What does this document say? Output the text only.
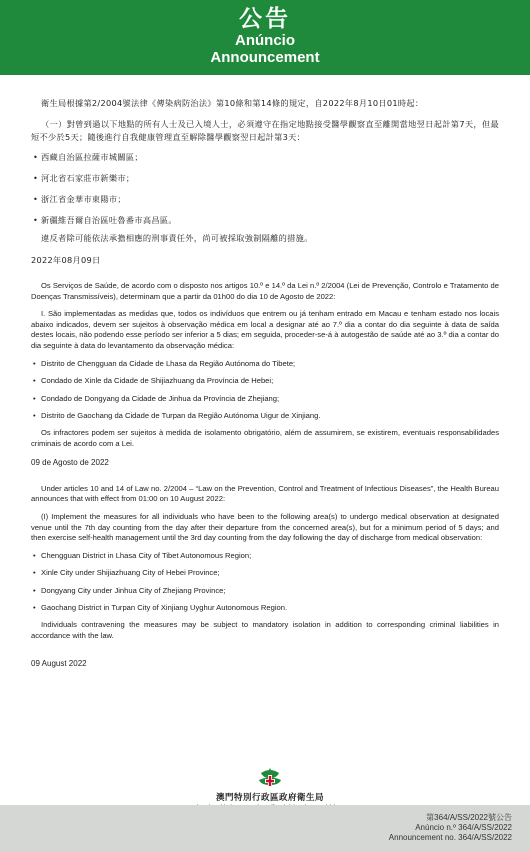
公告
Anúncio
Announcement

衛生局根據第2/2004號法律《傳染病防治法》第10條和第14條的規定，自2022年8月10日01時起：

（一）對曾到過以下地點的所有人士及已入境人士，必須遵守在指定地點接受醫學觀察直至離開當地翌日起計第7天，但最短不少於5天；隨後進行自我健康管理直至解除醫學觀察翌日起計第3天：

• 西藏自治區拉薩市城關區；
• 河北省石家莊市新樂市；
• 浙江省金華市東陽市；
• 新疆維吾爾自治區吐魯番市高昌區。

違反者除可能依法承擔相應的刑事責任外，尚可被採取強制隔離的措施。

2022年08月09日

Os Serviços de Saúde, de acordo com o disposto nos artigos 10.º e 14.º da Lei n.º 2/2004 (Lei de Prevenção, Controlo e Tratamento de Doenças Transmissíveis), determinam que a partir da 01h00 do dia 10 de Agosto de 2022:

I. São implementadas as medidas que, todos os indivíduos que entrem ou já tenham entrado em Macau e tenham estado nos locais abaixo indicados, devem ser sujeitos à observação médica em local a designar até ao 7.º dia a contar do dia seguinte à data de saída destes locais, não podendo esse período ser inferior a 5 dias; em seguida, proceder-se-á à autogestão de saúde até ao 3.º dia a contar do dia seguinte à data do levantamento da observação médica:

• Distrito de Chengguan da Cidade de Lhasa da Região Autónoma do Tibete;
• Condado de Xinle da Cidade de Shijiazhuang da Província de Hebei;
• Condado de Dongyang da Cidade de Jinhua da Província de Zhejiang;
• Distrito de Gaochang da Cidade de Turpan da Região Autónoma Uigur de Xinjiang.

Os infractores podem ser sujeitos à medida de isolamento obrigatório, além de assumirem, se existirem, eventuais responsabilidades criminais de acordo com a Lei.

09 de Agosto de 2022

Under articles 10 and 14 of Law no. 2/2004 – “Law on the Prevention, Control and Treatment of Infectious Diseases”, the Health Bureau announces that with effect from 01:00 on 10 August 2022:

(I) Implement the measures for all individuals who have been to the following area(s) to undergo medical observation at designated venue until the 7th day counting from the day after their departure from the concerned area(s), but for a minimum period of 5 days; and then exercise self-health management until the 3rd day counting from the day following the day of discharge from medical observation:

• Chengguan District in Lhasa City of Tibet Autonomous Region;
• Xinle City under Shijiazhuang City of Hebei Province;
• Dongyang City under Jinhua City of Zhejiang Province;
• Gaochang District in Turpan City of Xinjiang Uyghur Autonomous Region.

Individuals contravening the measures may be subject to mandatory isolation in addition to corresponding criminal liabilities in accordance with the law.

09 August 2022

澳門特別行政區政府衛生局
第364/A/SS/2022號公告
Anúncio n.º 364/A/SS/2022
Announcement no. 364/A/SS/2022
